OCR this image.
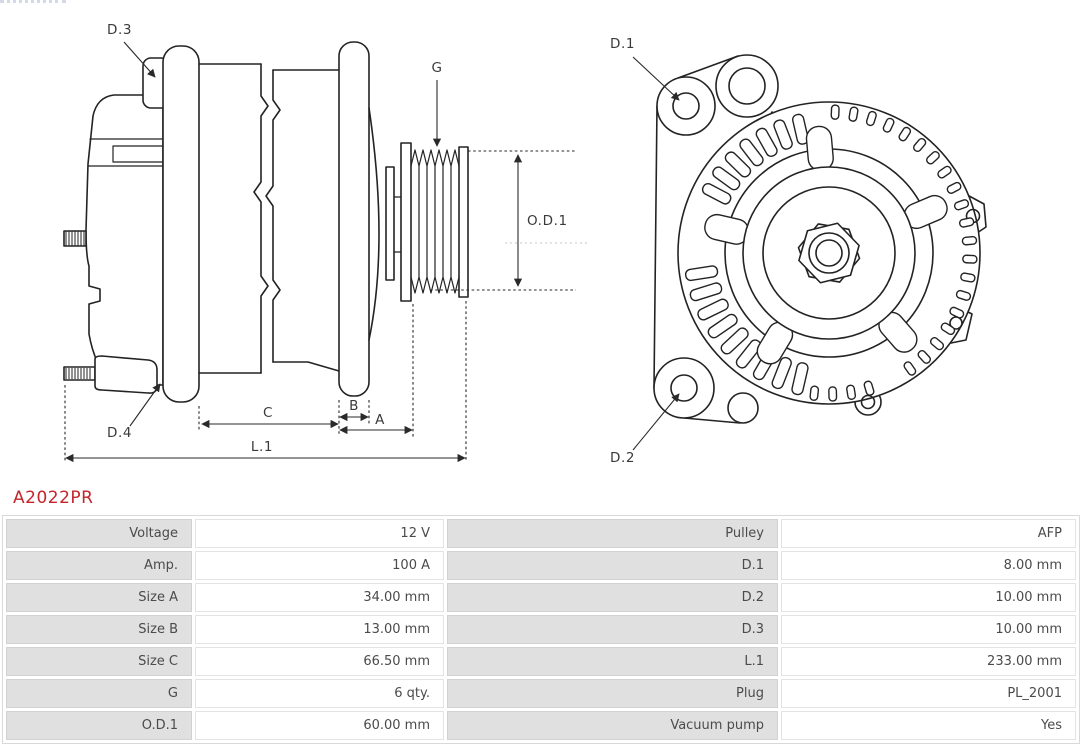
D.3
G
D.4
O.D.1
C	B
A
L.1
D.1
D.2
A2022PR
Voltage	12 V	Pulley	AFP
Amp.	100 A	D.1	8.00 mm
Size A	34.00 mm	D.2	10.00 mm
Size B	13.00 mm	D.3	10.00 mm
Size C	66.50 mm	L.1	233.00 mm
G	6 qty.	Plug	PL_2001
O.D.1	60.00 mm	Vacuum pump	Yes
